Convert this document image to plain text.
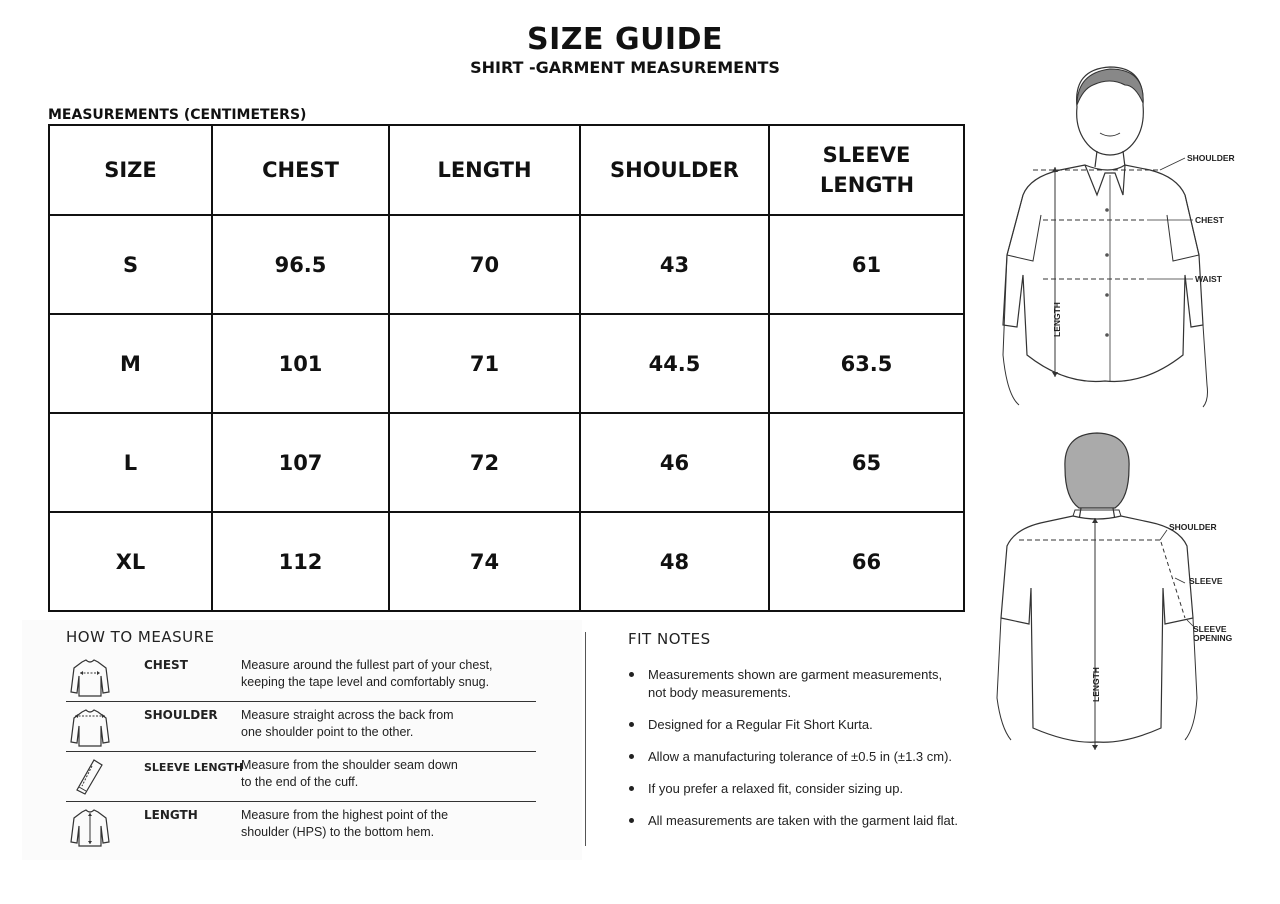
SIZE GUIDE
SHIRT -GARMENT MEASUREMENTS
MEASUREMENTS (CENTIMETERS)
SIZE	CHEST	LENGTH	SHOULDER	SLEEVE LENGTH
S	96.5	70	43	61
M	101	71	44.5	63.5
L	107	72	46	65
XL	112	74	48	66
HOW TO MEASURE
CHEST	Measure around the fullest part of your chest,
keeping the tape level and comfortably snug.
SHOULDER Measure straight across the back from
one shoulder point to the other.
SLEEVE LENGTH
Measure from the shoulder seam down
to the end of the cuff.
LENGTH	Measure from the highest point of the
shoulder (HPS) to the bottom hem.
FIT NOTES
Measurements shown are garment measurements,
not body measurements.
Designed for a Regular Fit Short Kurta.
Allow a manufacturing tolerance of ±0.5 in (±1.3 cm).
If you prefer a relaxed fit, consider sizing up.
All measurements are taken with the garment laid flat.
SHOULDER
CHEST
WAIST
LENGTH
SHOULDER
SLEEVE
SLEEVE
OPENING
LENGTH
